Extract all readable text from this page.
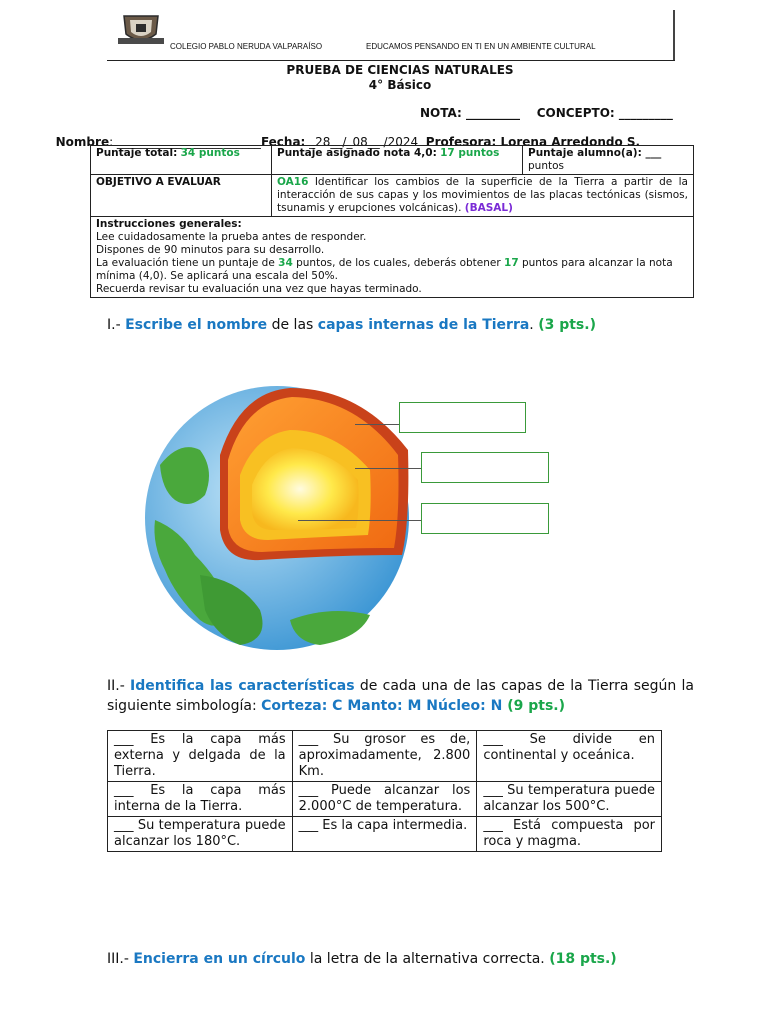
COLEGIO PABLO NERUDA VALPARAÍSO	EDUCAMOS PENSANDO EN TI EN UN AMBIENTE CULTURAL
PRUEBA DE CIENCIAS NATURALES
4° Básico
NOTA: _________    CONCEPTO: _________

Nombre: ________________________Fecha: _28__/_08__ /2024 Profesora: Lorena Arredondo S.

Puntaje total: 34 puntos	Puntaje asignado nota 4,0: 17 puntos	Puntaje alumno(a): ___
puntos
OBJETIVO A EVALUAR	OA16 Identificar los cambios de la superficie de la Tierra a partir de la interacción de sus capas y los movimientos de las placas tectónicas (sismos, tsunamis y erupciones volcánicas). (BASAL)	

Instrucciones generales:
Lee cuidadosamente la prueba antes de responder.
Dispones de 90 minutos para su desarrollo.
La evaluación tiene un puntaje de 34 puntos, de los cuales, deberás obtener 17 puntos para alcanzar la nota mínima (4,0). Se aplicará una escala del 50%.
Recuerda revisar tu evaluación una vez que hayas terminado.		
I.- Escribe el nombre de las capas internas de la Tierra. (3 pts.)
II.- Identifica las características de cada una de las capas de la Tierra según la siguiente simbología: Corteza: C Manto: M Núcleo: N (9 pts.)
___ Es la capa más externa y delgada de la Tierra.	___ Su grosor es de, aproximadamente, 2.800 Km.	___ Se divide en continental y oceánica.
___ Es la capa más interna de la Tierra.	___ Puede alcanzar los 2.000°C de temperatura.	___ Su temperatura puede alcanzar los 500°C.
___ Su temperatura puede alcanzar los 180°C.	___ Es la capa intermedia.	___ Está compuesta por roca y magma.
III.- Encierra en un círculo la letra de la alternativa correcta. (18 pts.)
